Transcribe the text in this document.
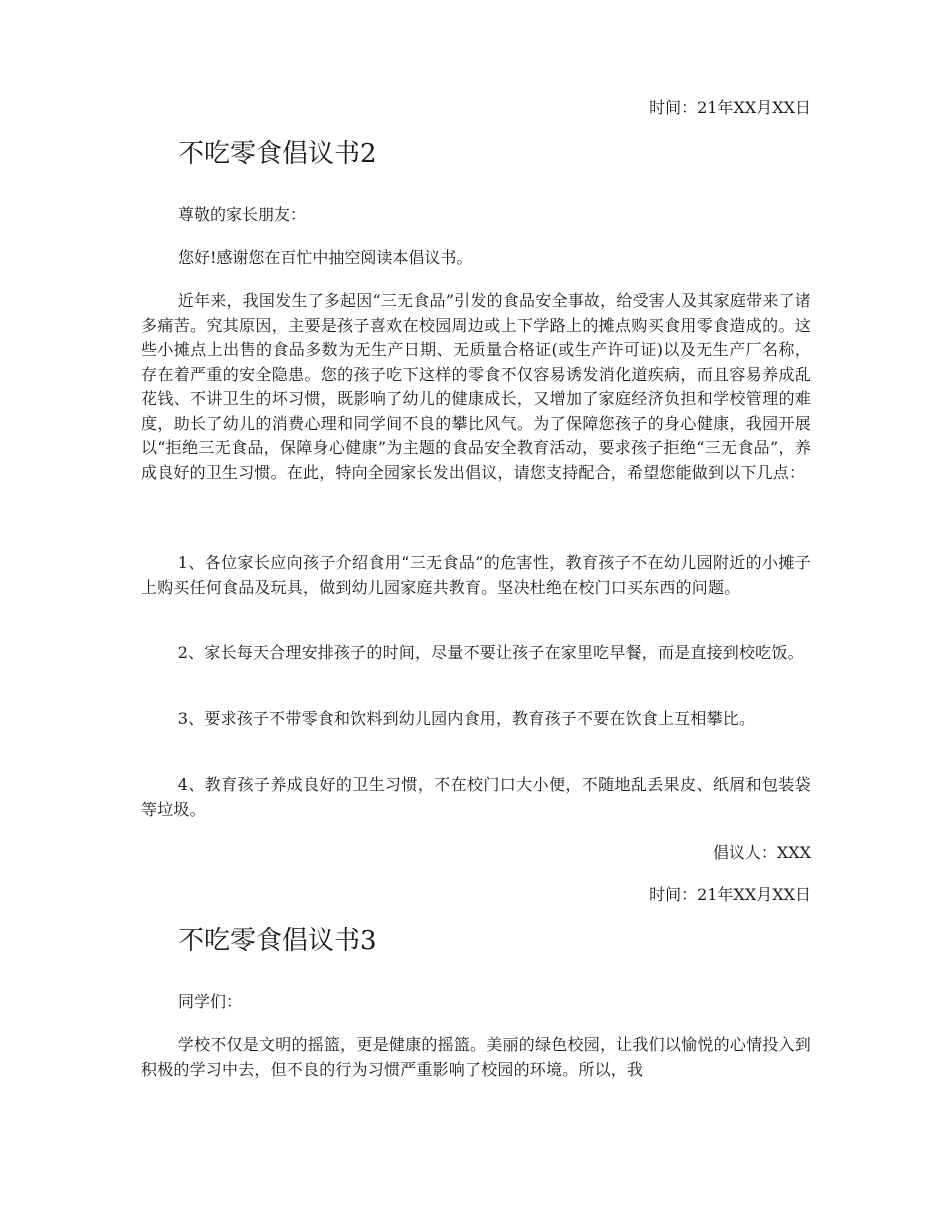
时间：21年XX月XX日
不吃零食倡议书2

尊敬的家长朋友：

您好!感谢您在百忙中抽空阅读本倡议书。

近年来，我国发生了多起因“三无食品”引发的食品安全事故，给受害人及其家庭带来了诸多痛苦。究其原因，主要是孩子喜欢在校园周边或上下学路上的摊点购买食用零食造成的。这些小摊点上出售的食品多数为无生产日期、无质量合格证(或生产许可证)以及无生产厂名称，存在着严重的安全隐患。您的孩子吃下这样的零食不仅容易诱发消化道疾病，而且容易养成乱花钱、不讲卫生的坏习惯，既影响了幼儿的健康成长，又增加了家庭经济负担和学校管理的难度，助长了幼儿的消费心理和同学间不良的攀比风气。为了保障您孩子的身心健康，我园开展以“拒绝三无食品，保障身心健康”为主题的食品安全教育活动，要求孩子拒绝“三无食品”，养成良好的卫生习惯。在此，特向全园家长发出倡议，请您支持配合，希望您能做到以下几点：

1、各位家长应向孩子介绍食用“三无食品”的危害性，教育孩子不在幼儿园附近的小摊子上购买任何食品及玩具，做到幼儿园家庭共教育。坚决杜绝在校门口买东西的问题。

2、家长每天合理安排孩子的时间，尽量不要让孩子在家里吃早餐，而是直接到校吃饭。

3、要求孩子不带零食和饮料到幼儿园内食用，教育孩子不要在饮食上互相攀比。

4、教育孩子养成良好的卫生习惯，不在校门口大小便，不随地乱丢果皮、纸屑和包装袋等垃圾。

倡议人：XXX
时间：21年XX月XX日
不吃零食倡议书3

同学们：

学校不仅是文明的摇篮，更是健康的摇篮。美丽的绿色校园，让我们以愉悦的心情投入到积极的学习中去，但不良的行为习惯严重影响了校园的环境。所以，我
